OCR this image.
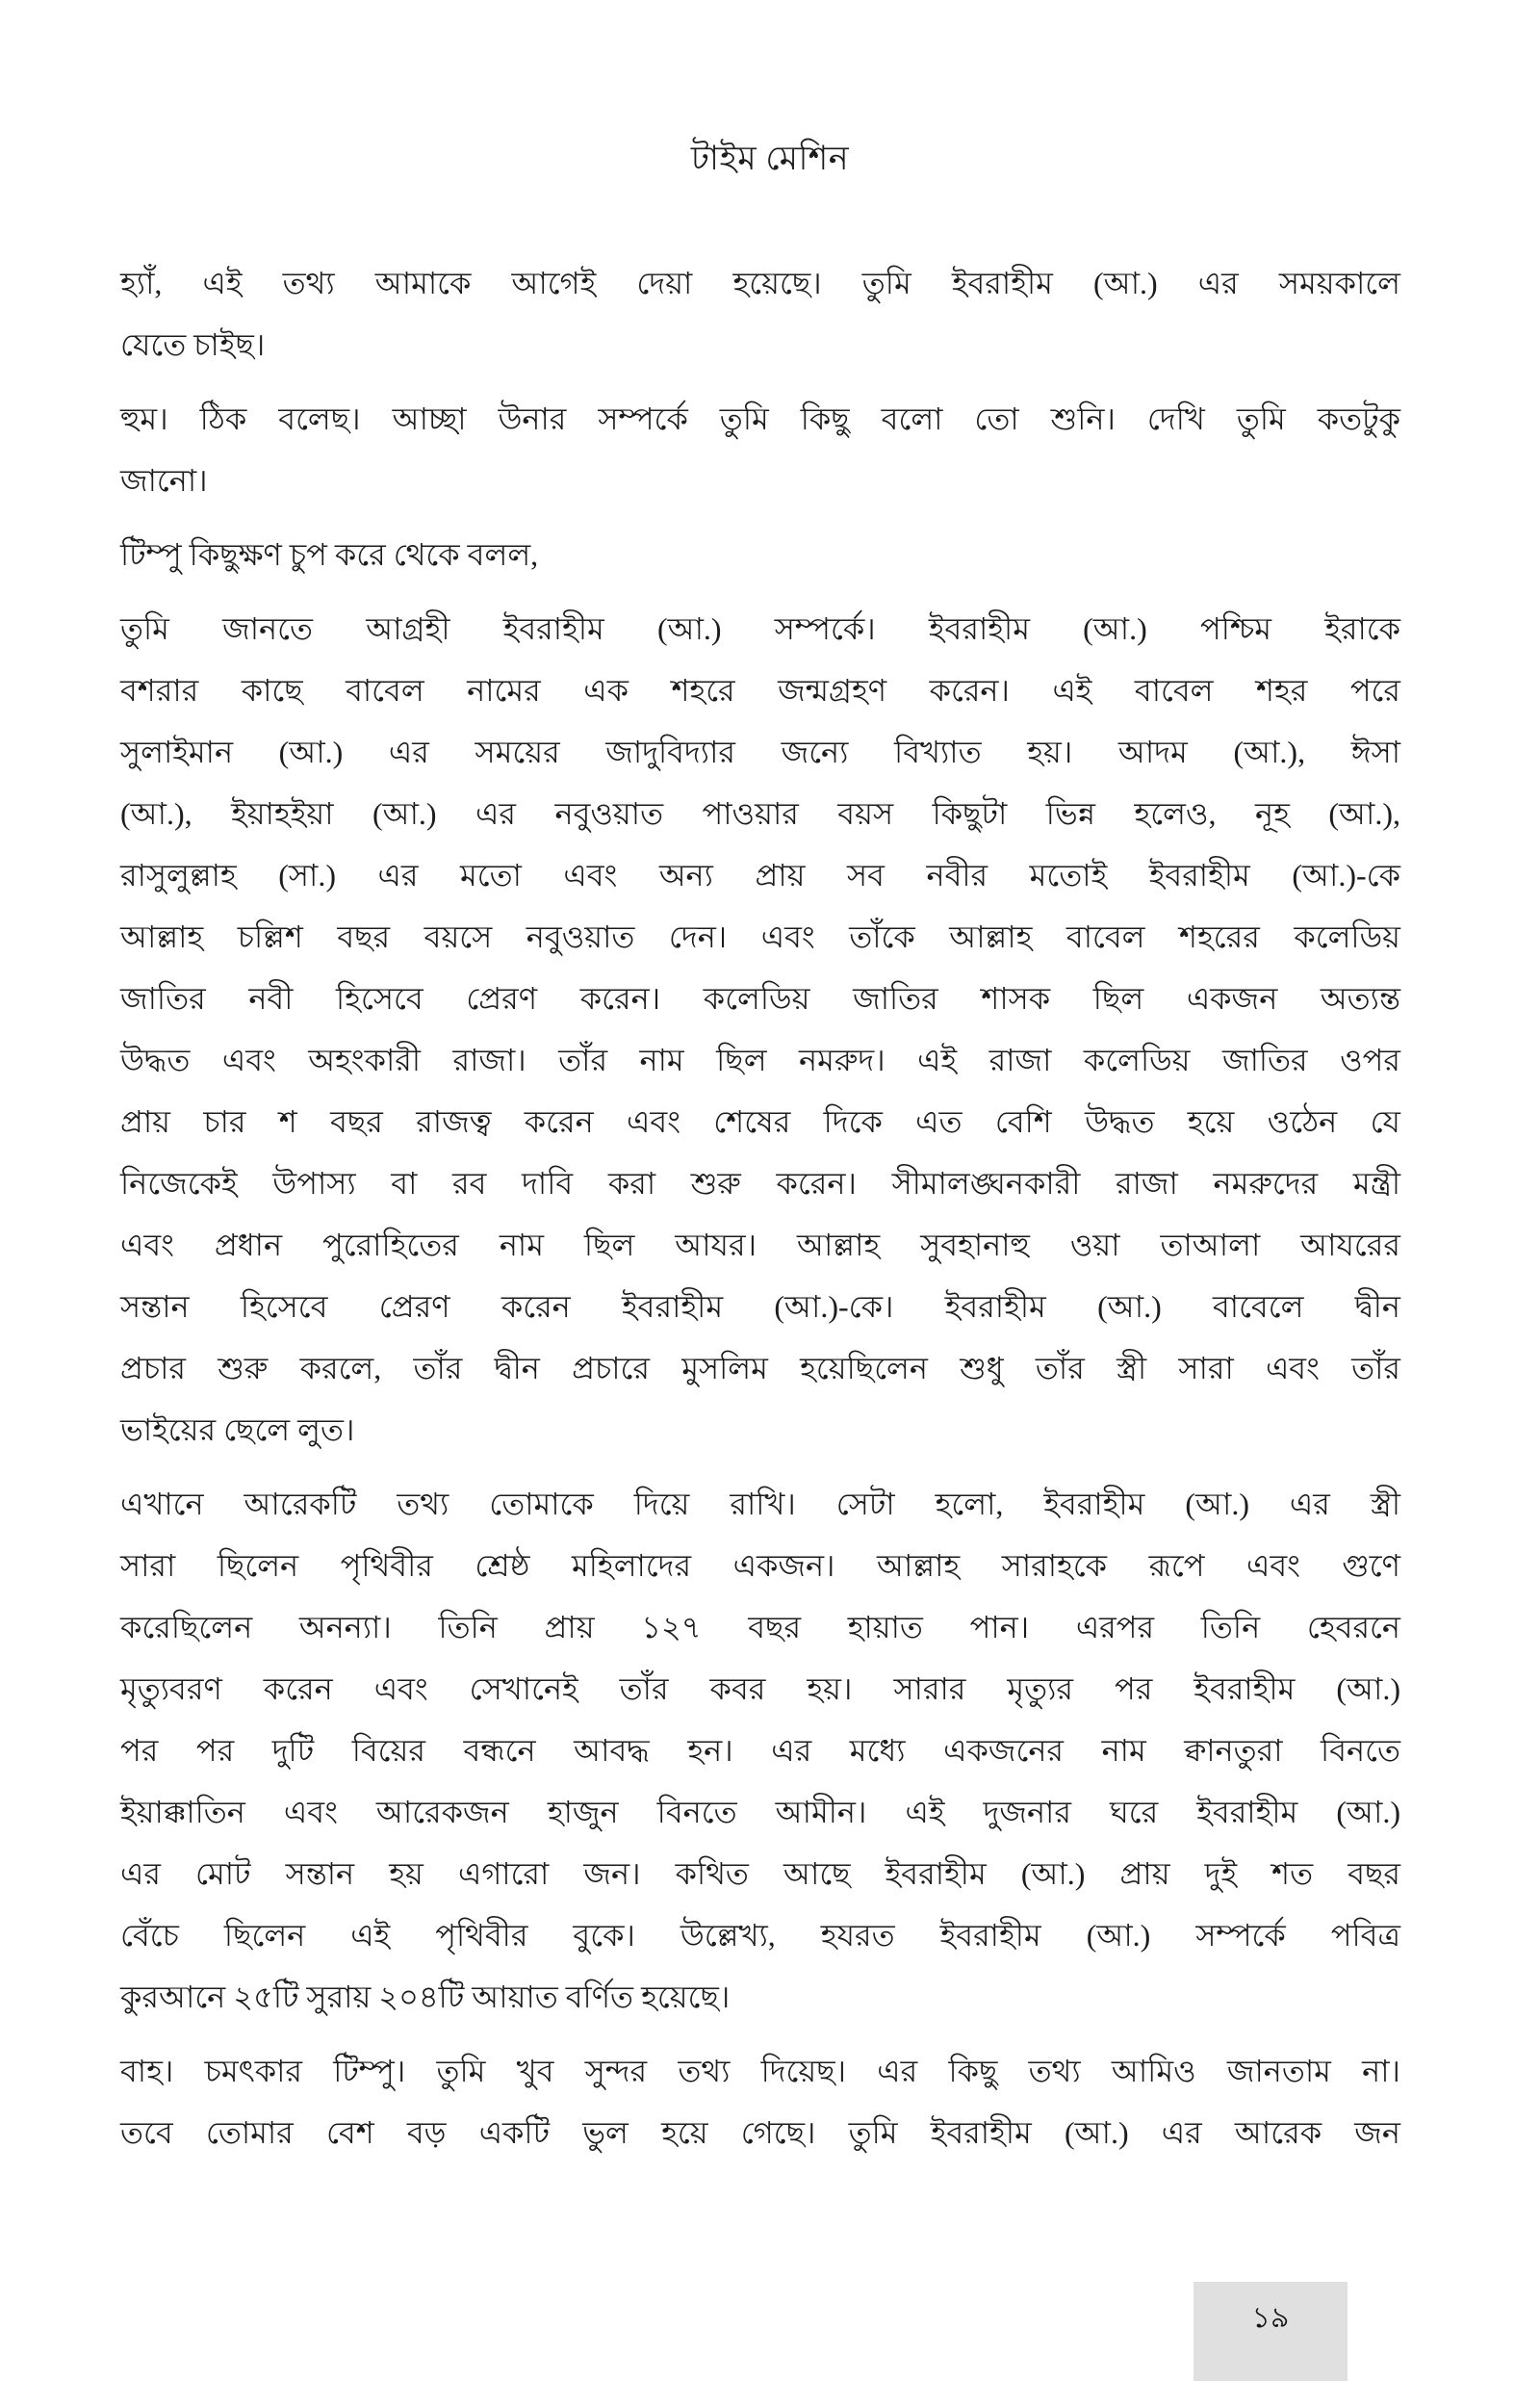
টাইম মেশিন
হ্যাঁ, এই তথ্য আমাকে আগেই দেয়া হয়েছে। তুমি ইবরাহীম (আ.) এর সময়কালে
যেতে চাইছ।
হুম। ঠিক বলেছ। আচ্ছা উনার সম্পর্কে তুমি কিছু বলো তো শুনি। দেখি তুমি কতটুকু
জানো।
টিম্পু কিছুক্ষণ চুপ করে থেকে বলল,
তুমি জানতে আগ্রহী ইবরাহীম (আ.) সম্পর্কে। ইবরাহীম (আ.) পশ্চিম ইরাকে
বশরার কাছে বাবেল নামের এক শহরে জন্মগ্রহণ করেন। এই বাবেল শহর পরে
সুলাইমান (আ.) এর সময়ের জাদুবিদ্যার জন্যে বিখ্যাত হয়। আদম (আ.), ঈসা
(আ.), ইয়াহইয়া (আ.) এর নবুওয়াত পাওয়ার বয়স কিছুটা ভিন্ন হলেও, নূহ (আ.),
রাসুলুল্লাহ (সা.) এর মতো এবং অন্য প্রায় সব নবীর মতোই ইবরাহীম (আ.)-কে
আল্লাহ চল্লিশ বছর বয়সে নবুওয়াত দেন। এবং তাঁকে আল্লাহ বাবেল শহরের কলেডিয়
জাতির নবী হিসেবে প্রেরণ করেন। কলেডিয় জাতির শাসক ছিল একজন অত্যন্ত
উদ্ধত এবং অহংকারী রাজা। তাঁর নাম ছিল নমরুদ। এই রাজা কলেডিয় জাতির ওপর
প্রায় চার শ বছর রাজত্ব করেন এবং শেষের দিকে এত বেশি উদ্ধত হয়ে ওঠেন যে
নিজেকেই উপাস্য বা রব দাবি করা শুরু করেন। সীমালঙ্ঘনকারী রাজা নমরুদের মন্ত্রী
এবং প্রধান পুরোহিতের নাম ছিল আযর। আল্লাহ সুবহানাহু ওয়া তাআলা আযরের
সন্তান হিসেবে প্রেরণ করেন ইবরাহীম (আ.)-কে। ইবরাহীম (আ.) বাবেলে দ্বীন
প্রচার শুরু করলে, তাঁর দ্বীন প্রচারে মুসলিম হয়েছিলেন শুধু তাঁর স্ত্রী সারা এবং তাঁর
ভাইয়ের ছেলে লুত।
এখানে আরেকটি তথ্য তোমাকে দিয়ে রাখি। সেটা হলো, ইবরাহীম (আ.) এর স্ত্রী
সারা ছিলেন পৃথিবীর শ্রেষ্ঠ মহিলাদের একজন। আল্লাহ সারাহকে রূপে এবং গুণে
করেছিলেন অনন্যা। তিনি প্রায় ১২৭ বছর হায়াত পান। এরপর তিনি হেবরনে
মৃত্যুবরণ করেন এবং সেখানেই তাঁর কবর হয়। সারার মৃত্যুর পর ইবরাহীম (আ.)
পর পর দুটি বিয়ের বন্ধনে আবদ্ধ হন। এর মধ্যে একজনের নাম ক্বানতুরা বিনতে
ইয়াক্কাতিন এবং আরেকজন হাজুন বিনতে আমীন। এই দুজনার ঘরে ইবরাহীম (আ.)
এর মোট সন্তান হয় এগারো জন। কথিত আছে ইবরাহীম (আ.) প্রায় দুই শত বছর
বেঁচে ছিলেন এই পৃথিবীর বুকে। উল্লেখ্য, হযরত ইবরাহীম (আ.) সম্পর্কে পবিত্র
কুরআনে ২৫টি সুরায় ২০৪টি আয়াত বর্ণিত হয়েছে।
বাহ। চমৎকার টিম্পু। তুমি খুব সুন্দর তথ্য দিয়েছ। এর কিছু তথ্য আমিও জানতাম না।
তবে তোমার বেশ বড় একটি ভুল হয়ে গেছে। তুমি ইবরাহীম (আ.) এর আরেক জন
১৯
